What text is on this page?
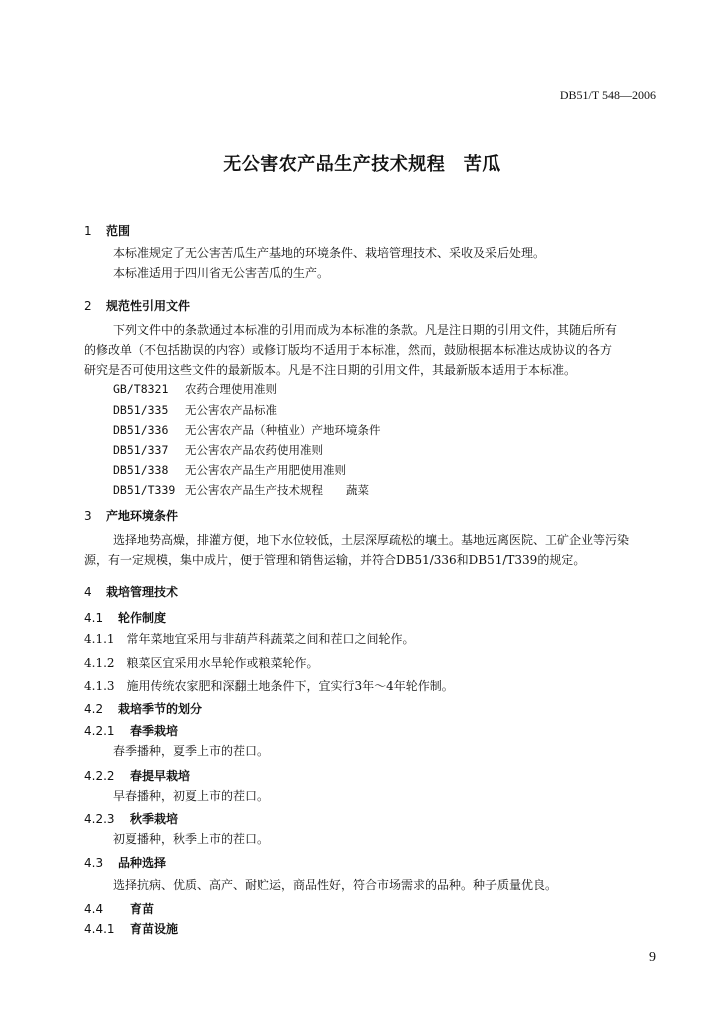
DB51/T 548—2006
无公害农产品生产技术规程　苦瓜
1 范围
本标准规定了无公害苦瓜生产基地的环境条件、栽培管理技术、采收及采后处理。
本标准适用于四川省无公害苦瓜的生产。
2 规范性引用文件
下列文件中的条款通过本标准的引用而成为本标准的条款。凡是注日期的引用文件，其随后所有
的修改单（不包括勘误的内容）或修订版均不适用于本标准，然而，鼓励根据本标准达成协议的各方
研究是否可使用这些文件的最新版本。凡是不注日期的引用文件，其最新版本适用于本标准。
GB/T8321 农药合理使用准则
DB51/335 无公害农产品标准
DB51/336 无公害农产品（种植业）产地环境条件
DB51/337 无公害农产品农药使用准则
DB51/338 无公害农产品生产用肥使用准则
DB51/T339 无公害农产品生产技术规程　　蔬菜
3 产地环境条件
选择地势高燥，排灌方便，地下水位较低，土层深厚疏松的壤土。基地远离医院、工矿企业等污染
源，有一定规模，集中成片，便于管理和销售运输，并符合DB51/336和DB51/T339的规定。
4 栽培管理技术
4.1 轮作制度
4.1.1　常年菜地宜采用与非葫芦科蔬菜之间和茬口之间轮作。
4.1.2　粮菜区宜采用水旱轮作或粮菜轮作。
4.1.3　施用传统农家肥和深翻土地条件下，宜实行3年～4年轮作制。
4.2 栽培季节的划分
4.2.1 春季栽培
春季播种，夏季上市的茬口。
4.2.2 春提早栽培
早春播种，初夏上市的茬口。
4.2.3 秋季栽培
初夏播种，秋季上市的茬口。
4.3 品种选择
选择抗病、优质、高产、耐贮运，商品性好，符合市场需求的品种。种子质量优良。
4.4 育苗
4.4.1 育苗设施
9
